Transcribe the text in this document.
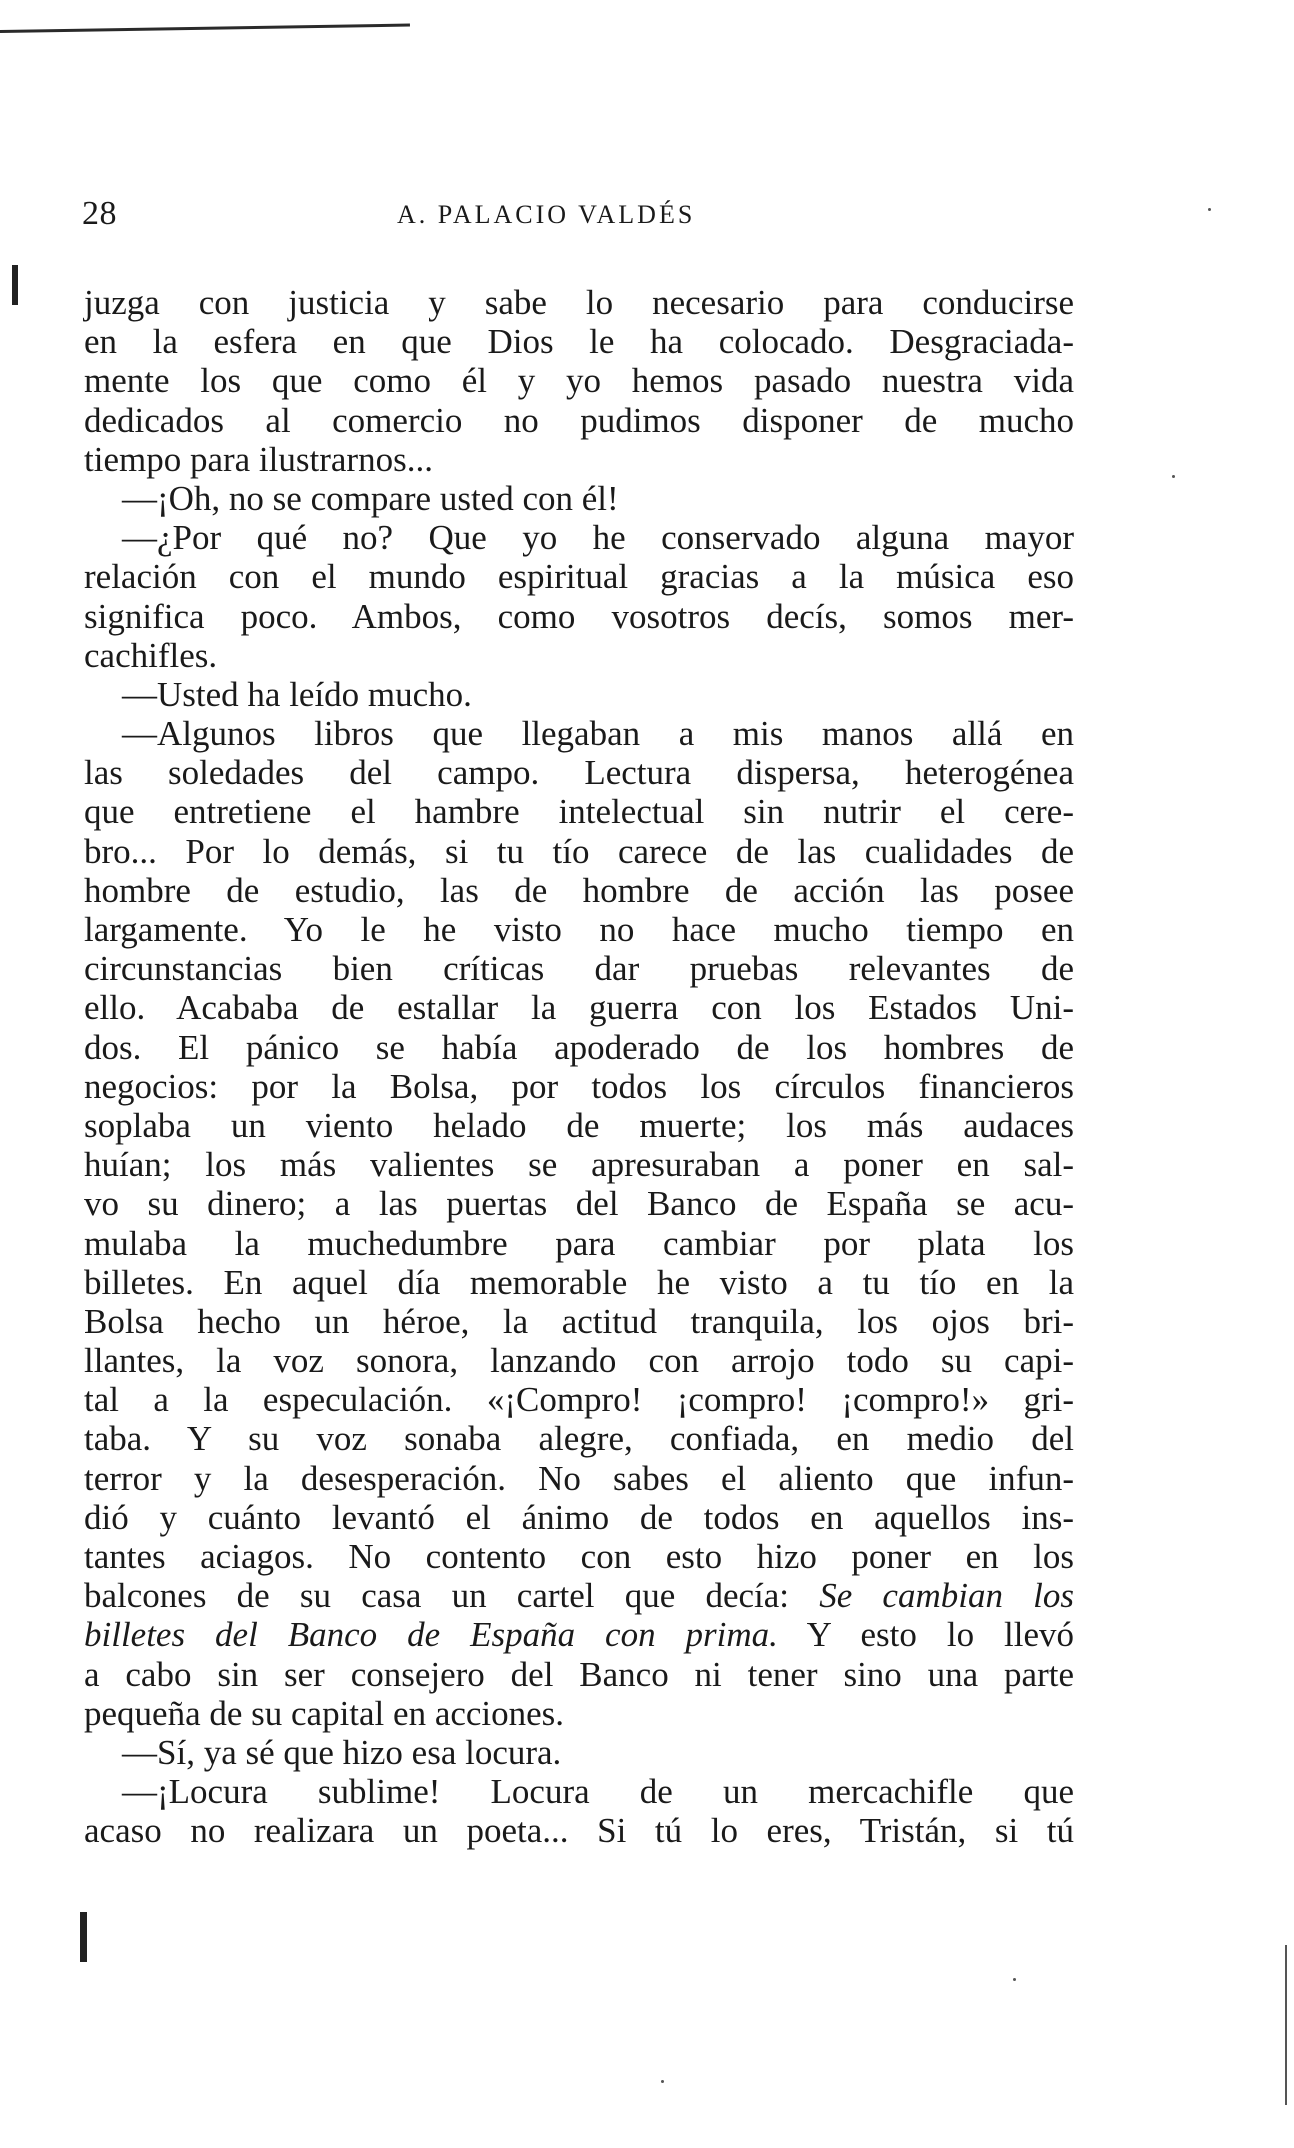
28	A. PALACIO VALDÉS
juzga con justicia y sabe lo necesario para conducirse
en la esfera en que Dios le ha colocado. Desgraciada-
mente los que como él y yo hemos pasado nuestra vida
dedicados al comercio no pudimos disponer de mucho
tiempo para ilustrarnos...
—¡Oh, no se compare usted con él!
—¿Por qué no? Que yo he conservado alguna mayor
relación con el mundo espiritual gracias a la música eso
significa poco. Ambos, como vosotros decís, somos mer-
cachifles.
—Usted ha leído mucho.
—Algunos libros que llegaban a mis manos allá en
las soledades del campo. Lectura dispersa, heterogénea
que entretiene el hambre intelectual sin nutrir el cere-
bro... Por lo demás, si tu tío carece de las cualidades de
hombre de estudio, las de hombre de acción las posee
largamente. Yo le he visto no hace mucho tiempo en
circunstancias bien críticas dar pruebas relevantes de
ello. Acababa de estallar la guerra con los Estados Uni-
dos. El pánico se había apoderado de los hombres de
negocios: por la Bolsa, por todos los círculos financieros
soplaba un viento helado de muerte; los más audaces
huían; los más valientes se apresuraban a poner en sal-
vo su dinero; a las puertas del Banco de España se acu-
mulaba la muchedumbre para cambiar por plata los
billetes. En aquel día memorable he visto a tu tío en la
Bolsa hecho un héroe, la actitud tranquila, los ojos bri-
llantes, la voz sonora, lanzando con arrojo todo su capi-
tal a la especulación. «¡Compro! ¡compro! ¡compro!» gri-
taba. Y su voz sonaba alegre, confiada, en medio del
terror y la desesperación. No sabes el aliento que infun-
dió y cuánto levantó el ánimo de todos en aquellos ins-
tantes aciagos. No contento con esto hizo poner en los
balcones de su casa un cartel que decía: Se cambian los
billetes del Banco de España con prima. Y esto lo llevó
a cabo sin ser consejero del Banco ni tener sino una parte
pequeña de su capital en acciones.
—Sí, ya sé que hizo esa locura.
—¡Locura sublime! Locura de un mercachifle que
acaso no realizara un poeta... Si tú lo eres, Tristán, si tú
